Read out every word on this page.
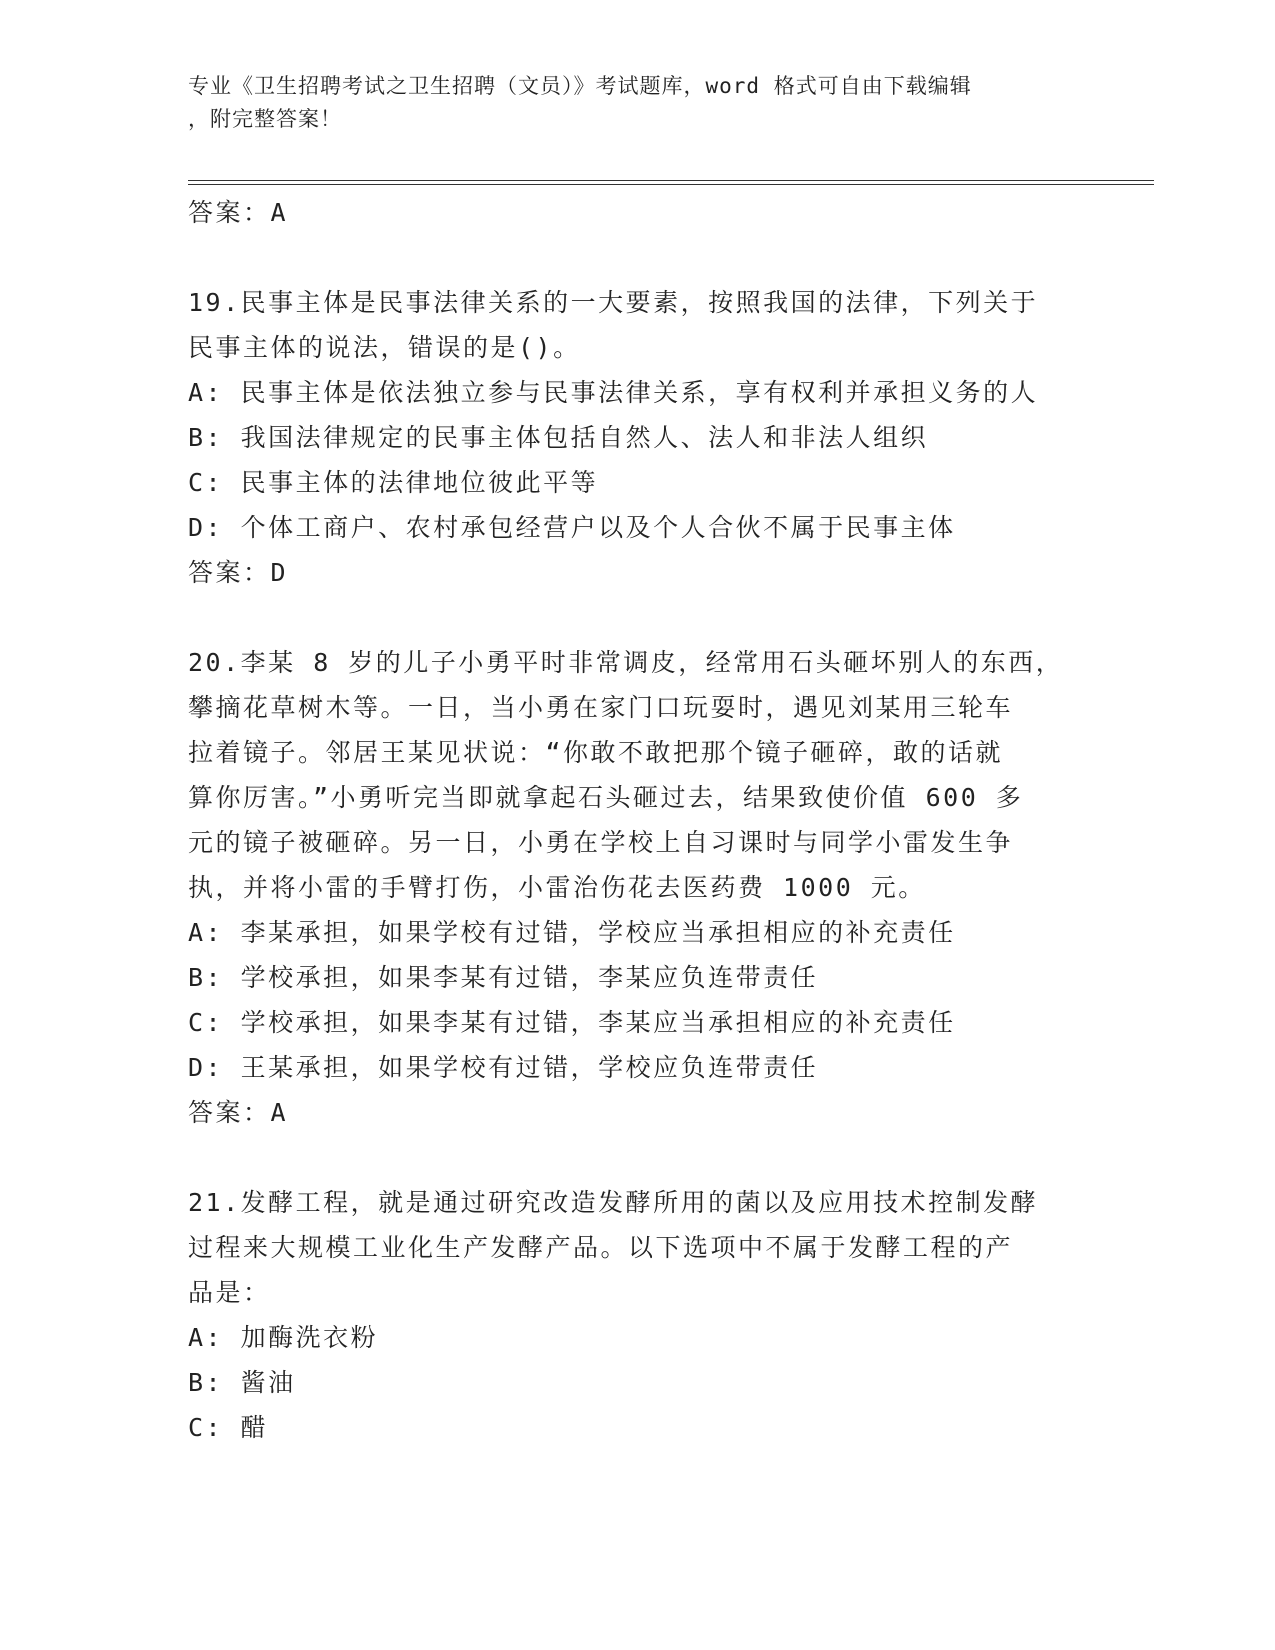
专业《卫生招聘考试之卫生招聘（文员）》考试题库，word 格式可自由下载编辑
，附完整答案！
答案：A
19.民事主体是民事法律关系的一大要素，按照我国的法律，下列关于
民事主体的说法，错误的是()。
A: 民事主体是依法独立参与民事法律关系，享有权利并承担义务的人
B: 我国法律规定的民事主体包括自然人、法人和非法人组织
C: 民事主体的法律地位彼此平等
D: 个体工商户、农村承包经营户以及个人合伙不属于民事主体
答案：D
20.李某 8 岁的儿子小勇平时非常调皮，经常用石头砸坏别人的东西，
攀摘花草树木等。一日，当小勇在家门口玩耍时，遇见刘某用三轮车
拉着镜子。邻居王某见状说：“你敢不敢把那个镜子砸碎，敢的话就
算你厉害。”小勇听完当即就拿起石头砸过去，结果致使价值 600 多
元的镜子被砸碎。另一日，小勇在学校上自习课时与同学小雷发生争
执，并将小雷的手臂打伤，小雷治伤花去医药费 1000 元。
A: 李某承担，如果学校有过错，学校应当承担相应的补充责任
B: 学校承担，如果李某有过错，李某应负连带责任
C: 学校承担，如果李某有过错，李某应当承担相应的补充责任
D: 王某承担，如果学校有过错，学校应负连带责任
答案：A
21.发酵工程，就是通过研究改造发酵所用的菌以及应用技术控制发酵
过程来大规模工业化生产发酵产品。以下选项中不属于发酵工程的产
品是：
A: 加酶洗衣粉
B: 酱油
C: 醋
